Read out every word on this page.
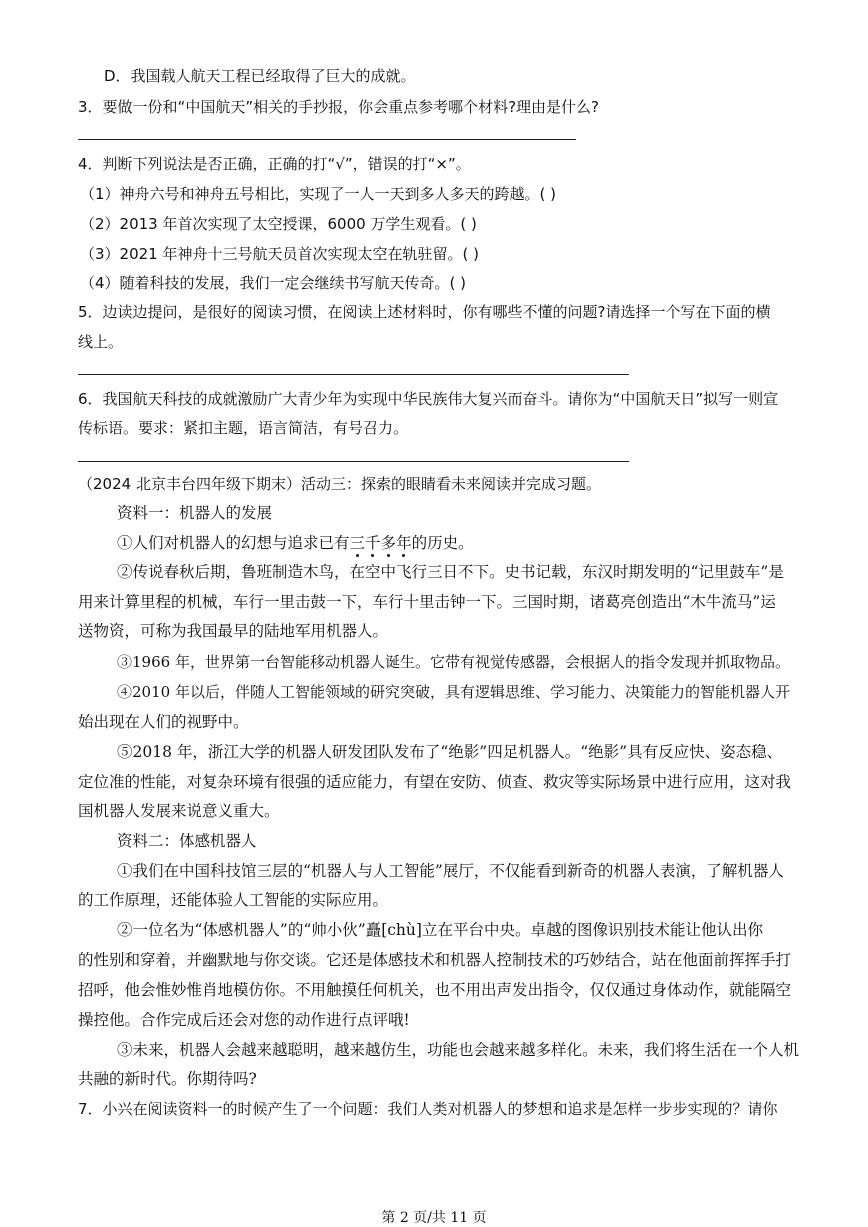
D．我国载人航天工程已经取得了巨大的成就。
3．要做一份和“中国航天”相关的手抄报，你会重点参考哪个材料?理由是什么?
4．判断下列说法是否正确，正确的打“√”，错误的打“×”。
（1）神舟六号和神舟五号相比，实现了一人一天到多人多天的跨越。( )
（2）2013 年首次实现了太空授课，6000 万学生观看。( )
（3）2021 年神舟十三号航天员首次实现太空在轨驻留。( )
（4）随着科技的发展，我们一定会继续书写航天传奇。( )
5．边读边提问，是很好的阅读习惯，在阅读上述材料时，你有哪些不懂的问题?请选择一个写在下面的横
线上。
6．我国航天科技的成就激励广大青少年为实现中华民族伟大复兴而奋斗。请你为“中国航天日”拟写一则宣
传标语。要求：紧扣主题，语言简洁，有号召力。
（2024 北京丰台四年级下期末）活动三：探索的眼睛看未来阅读并完成习题。
资料一：机器人的发展
①人们对机器人的幻想与追求已有三千多年的历史。
②传说春秋后期，鲁班制造木鸟，在空中飞行三日不下。史书记载，东汉时期发明的“记里鼓车”是
用来计算里程的机械，车行一里击鼓一下，车行十里击钟一下。三国时期，诸葛亮创造出“木牛流马”运
送物资，可称为我国最早的陆地军用机器人。
③1966 年，世界第一台智能移动机器人诞生。它带有视觉传感器，会根据人的指令发现并抓取物品。
④2010 年以后，伴随人工智能领域的研究突破，具有逻辑思维、学习能力、决策能力的智能机器人开
始出现在人们的视野中。
⑤2018 年，浙江大学的机器人研发团队发布了“绝影”四足机器人。“绝影”具有反应快、姿态稳、
定位准的性能，对复杂环境有很强的适应能力，有望在安防、侦查、救灾等实际场景中进行应用，这对我
国机器人发展来说意义重大。
资料二：体感机器人
①我们在中国科技馆三层的“机器人与人工智能”展厅，不仅能看到新奇的机器人表演，了解机器人
的工作原理，还能体验人工智能的实际应用。
②一位名为“体感机器人”的“帅小伙”矗[chù]立在平台中央。卓越的图像识别技术能让他认出你
的性别和穿着，并幽默地与你交谈。它还是体感技术和机器人控制技术的巧妙结合，站在他面前挥挥手打
招呼，他会惟妙惟肖地模仿你。不用触摸任何机关，也不用出声发出指令，仅仅通过身体动作，就能隔空
操控他。合作完成后还会对您的动作进行点评哦!
③未来，机器人会越来越聪明，越来越仿生，功能也会越来越多样化。未来，我们将生活在一个人机
共融的新时代。你期待吗?
7．小兴在阅读资料一的时候产生了一个问题：我们人类对机器人的梦想和追求是怎样一步步实现的？请你
第 2 页/共 11 页
